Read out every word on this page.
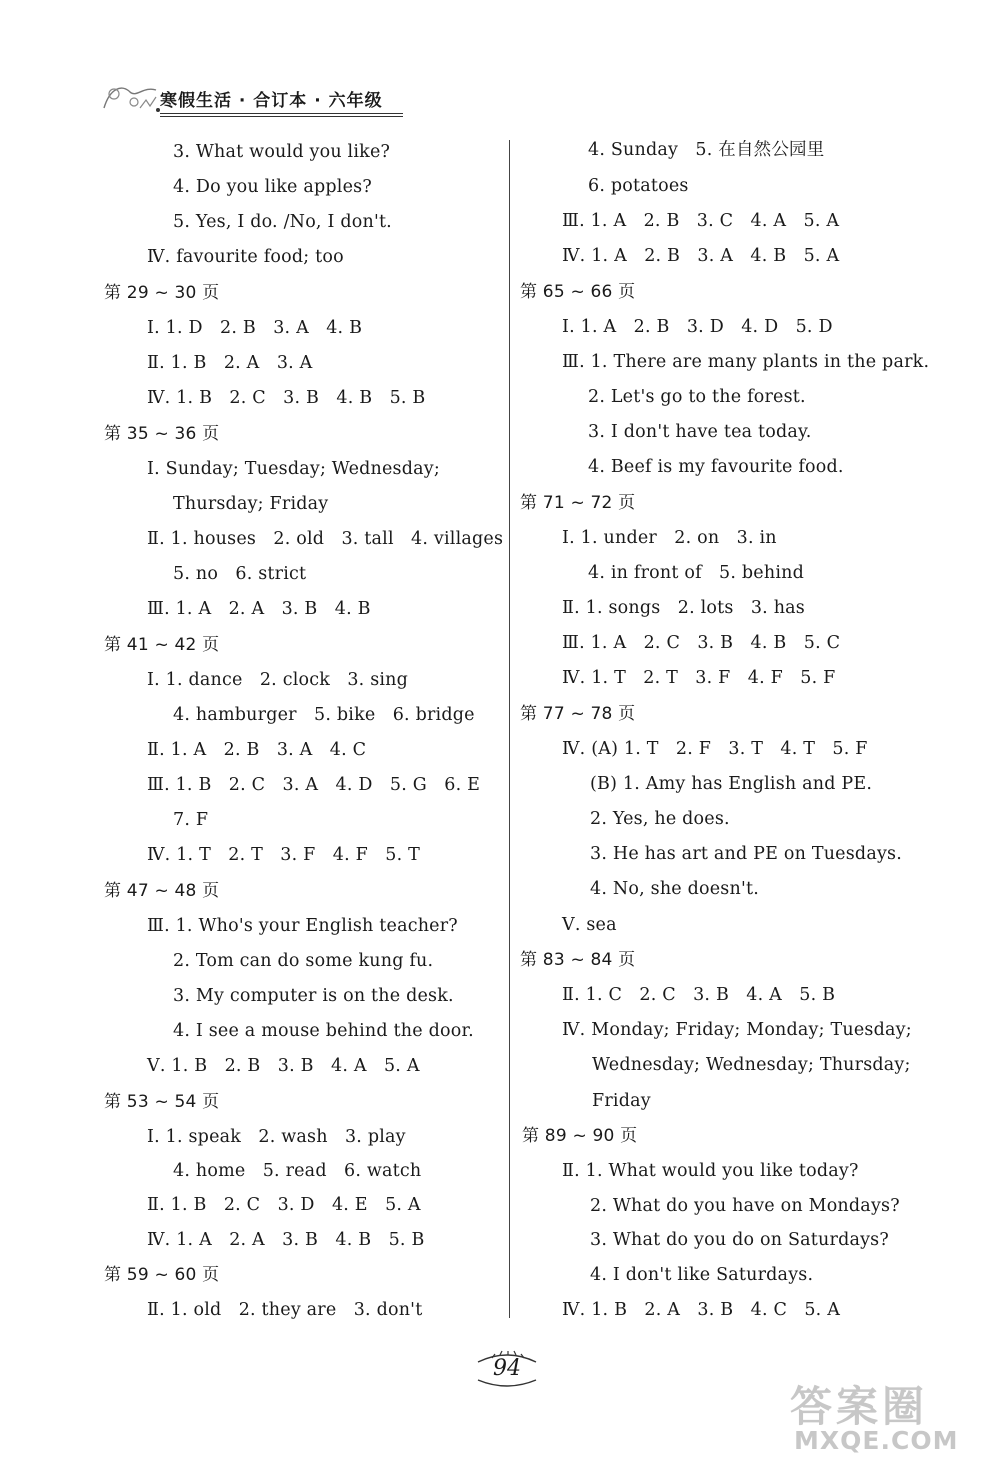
寒假生活 · 合订本 · 六年级
3. What would you like?
4. Do you like apples?
5. Yes, I do. /No, I don't.
Ⅳ. favourite food; too
第 29 ~ 30 页
Ⅰ. 1. D   2. B   3. A   4. B
Ⅱ. 1. B   2. A   3. A
Ⅳ. 1. B   2. C   3. B   4. B   5. B
第 35 ~ 36 页
Ⅰ. Sunday; Tuesday; Wednesday;
Thursday; Friday
Ⅱ. 1. houses   2. old   3. tall   4. villages
5. no   6. strict
Ⅲ. 1. A   2. A   3. B   4. B
第 41 ~ 42 页
Ⅰ. 1. dance   2. clock   3. sing
4. hamburger   5. bike   6. bridge
Ⅱ. 1. A   2. B   3. A   4. C
Ⅲ. 1. B   2. C   3. A   4. D   5. G   6. E
7. F
Ⅳ. 1. T   2. T   3. F   4. F   5. T
第 47 ~ 48 页
Ⅲ. 1. Who's your English teacher?
2. Tom can do some kung fu.
3. My computer is on the desk.
4. I see a mouse behind the door.
Ⅴ. 1. B   2. B   3. B   4. A   5. A
第 53 ~ 54 页
Ⅰ. 1. speak   2. wash   3. play
4. home   5. read   6. watch
Ⅱ. 1. B   2. C   3. D   4. E   5. A
Ⅳ. 1. A   2. A   3. B   4. B   5. B
第 59 ~ 60 页
Ⅱ. 1. old   2. they are   3. don't
4. Sunday   5. 在自然公园里
6. potatoes
Ⅲ. 1. A   2. B   3. C   4. A   5. A
Ⅳ. 1. A   2. B   3. A   4. B   5. A
第 65 ~ 66 页
Ⅰ. 1. A   2. B   3. D   4. D   5. D
Ⅲ. 1. There are many plants in the park.
2. Let's go to the forest.
3. I don't have tea today.
4. Beef is my favourite food.
第 71 ~ 72 页
Ⅰ. 1. under   2. on   3. in
4. in front of   5. behind
Ⅱ. 1. songs   2. lots   3. has
Ⅲ. 1. A   2. C   3. B   4. B   5. C
Ⅳ. 1. T   2. T   3. F   4. F   5. F
第 77 ~ 78 页
Ⅳ. (A) 1. T   2. F   3. T   4. T   5. F
(B) 1. Amy has English and PE.
2. Yes, he does.
3. He has art and PE on Tuesdays.
4. No, she doesn't.
Ⅴ. sea
第 83 ~ 84 页
Ⅱ. 1. C   2. C   3. B   4. A   5. B
Ⅳ. Monday; Friday; Monday; Tuesday;
Wednesday; Wednesday; Thursday;
Friday
第 89 ~ 90 页
Ⅱ. 1. What would you like today?
2. What do you have on Mondays?
3. What do you do on Saturdays?
4. I don't like Saturdays.
Ⅳ. 1. B   2. A   3. B   4. C   5. A
94
答案圈
MXQE.COM
